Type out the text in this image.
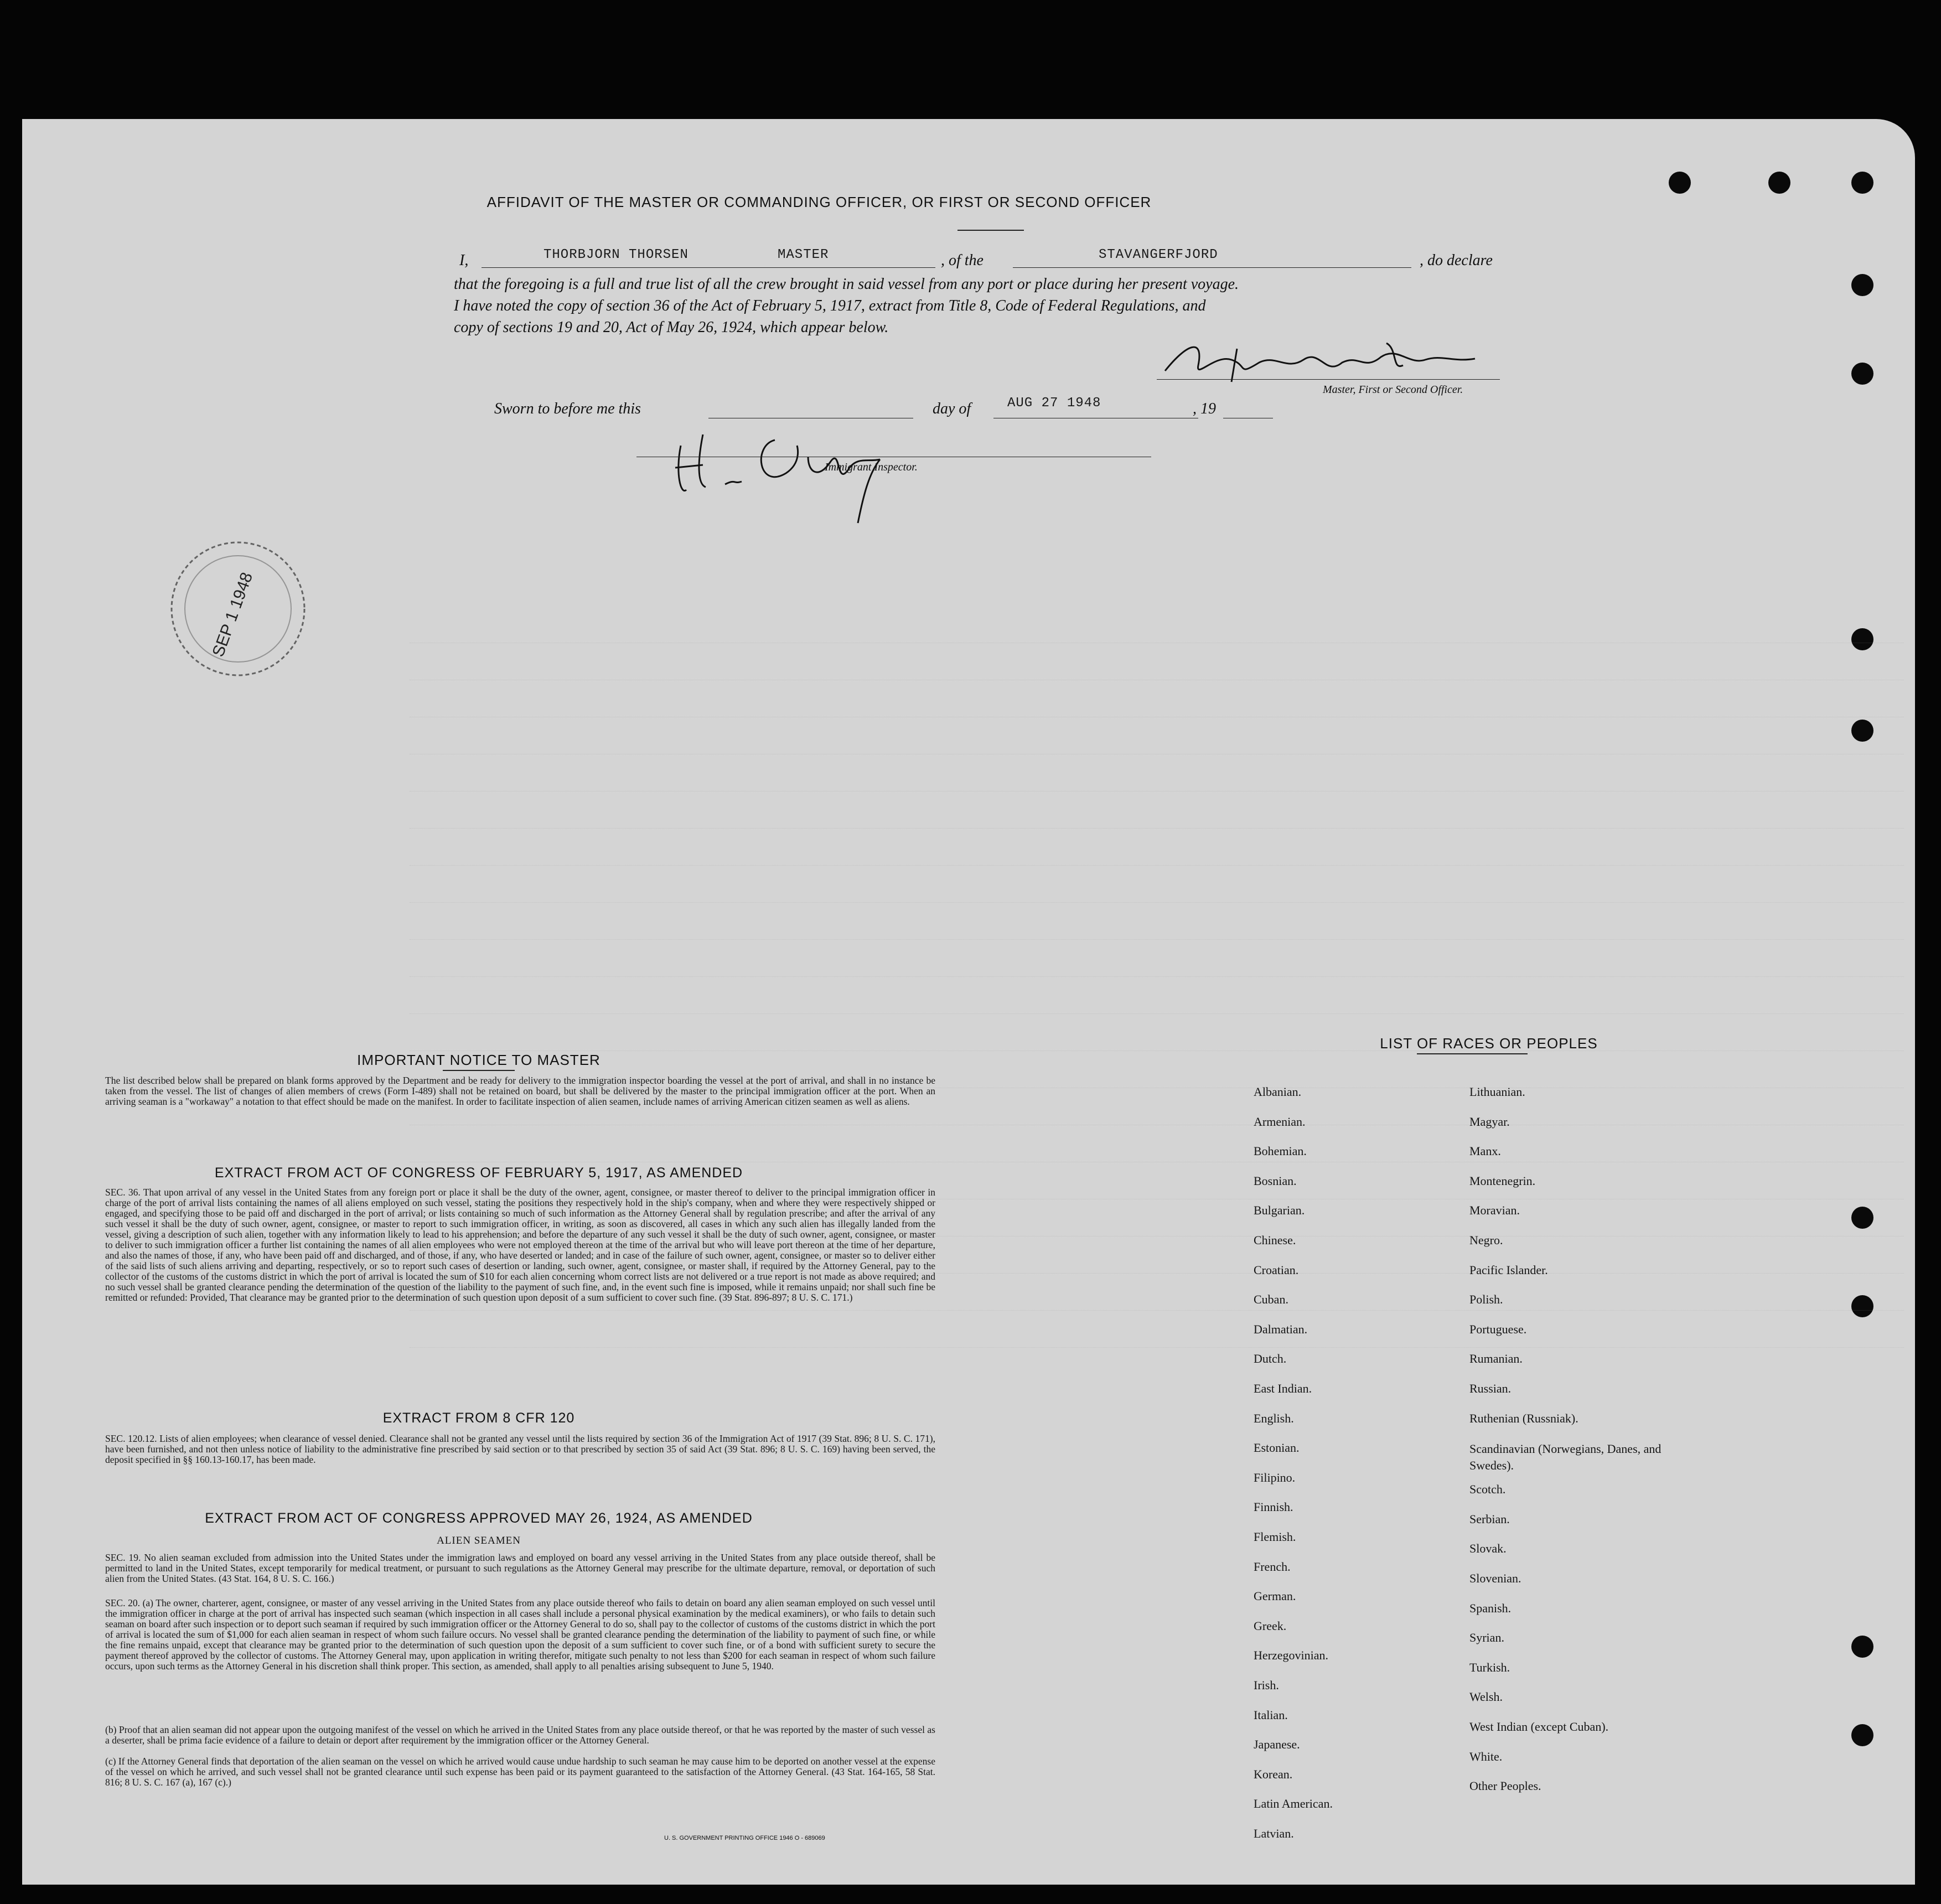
AFFIDAVIT OF THE MASTER OR COMMANDING OFFICER, OR FIRST OR SECOND OFFICER
I,	THORBJORN THORSEN	MASTER	, of the	STAVANGERFJORD	, do declare
that the foregoing is a full and true list of all the crew brought in said vessel from any port or place during her present voyage.
I have noted the copy of section 36 of the Act of February 5, 1917, extract from Title 8, Code of Federal Regulations, and
copy of sections 19 and 20, Act of May 26, 1924, which appear below.
Master, First or Second Officer.
Sworn to before me this	day of	AUG 27 1948	, 19
Immigrant Inspector.
SEP 1 1948
IMPORTANT NOTICE TO MASTER
The list described below shall be prepared on blank forms approved by the Department and be ready for delivery to the immigration inspector boarding the vessel at the port of arrival, and shall in no instance be taken from the vessel. The list of changes of alien members of crews (Form I-489) shall not be retained on board, but shall be delivered by the master to the principal immigration officer at the port. When an arriving seaman is a "workaway" a notation to that effect should be made on the manifest. In order to facilitate inspection of alien seamen, include names of arriving American citizen seamen as well as aliens.
EXTRACT FROM ACT OF CONGRESS OF FEBRUARY 5, 1917, AS AMENDED
SEC. 36. That upon arrival of any vessel in the United States from any foreign port or place it shall be the duty of the owner, agent, consignee, or master thereof to deliver to the principal immigration officer in charge of the port of arrival lists containing the names of all aliens employed on such vessel, stating the positions they respectively hold in the ship's company, when and where they were respectively shipped or engaged, and specifying those to be paid off and discharged in the port of arrival; or lists containing so much of such information as the Attorney General shall by regulation prescribe; and after the arrival of any such vessel it shall be the duty of such owner, agent, consignee, or master to report to such immigration officer, in writing, as soon as discovered, all cases in which any such alien has illegally landed from the vessel, giving a description of such alien, together with any information likely to lead to his apprehension; and before the departure of any such vessel it shall be the duty of such owner, agent, consignee, or master to deliver to such immigration officer a further list containing the names of all alien employees who were not employed thereon at the time of the arrival but who will leave port thereon at the time of her departure, and also the names of those, if any, who have been paid off and discharged, and of those, if any, who have deserted or landed; and in case of the failure of such owner, agent, consignee, or master so to deliver either of the said lists of such aliens arriving and departing, respectively, or so to report such cases of desertion or landing, such owner, agent, consignee, or master shall, if required by the Attorney General, pay to the collector of the customs of the customs district in which the port of arrival is located the sum of $10 for each alien concerning whom correct lists are not delivered or a true report is not made as above required; and no such vessel shall be granted clearance pending the determination of the question of the liability to the payment of such fine, and, in the event such fine is imposed, while it remains unpaid; nor shall such fine be remitted or refunded: Provided, That clearance may be granted prior to the determination of such question upon deposit of a sum sufficient to cover such fine. (39 Stat. 896-897; 8 U. S. C. 171.)
EXTRACT FROM 8 CFR 120
SEC. 120.12. Lists of alien employees; when clearance of vessel denied. Clearance shall not be granted any vessel until the lists required by section 36 of the Immigration Act of 1917 (39 Stat. 896; 8 U. S. C. 171), have been furnished, and not then unless notice of liability to the administrative fine prescribed by said section or to that prescribed by section 35 of said Act (39 Stat. 896; 8 U. S. C. 169) having been served, the deposit specified in §§ 160.13-160.17, has been made.
EXTRACT FROM ACT OF CONGRESS APPROVED MAY 26, 1924, AS AMENDED
ALIEN SEAMEN
SEC. 19. No alien seaman excluded from admission into the United States under the immigration laws and employed on board any vessel arriving in the United States from any place outside thereof, shall be permitted to land in the United States, except temporarily for medical treatment, or pursuant to such regulations as the Attorney General may prescribe for the ultimate departure, removal, or deportation of such alien from the United States. (43 Stat. 164, 8 U. S. C. 166.)
SEC. 20. (a) The owner, charterer, agent, consignee, or master of any vessel arriving in the United States from any place outside thereof who fails to detain on board any alien seaman employed on such vessel until the immigration officer in charge at the port of arrival has inspected such seaman (which inspection in all cases shall include a personal physical examination by the medical examiners), or who fails to detain such seaman on board after such inspection or to deport such seaman if required by such immigration officer or the Attorney General to do so, shall pay to the collector of customs of the customs district in which the port of arrival is located the sum of $1,000 for each alien seaman in respect of whom such failure occurs. No vessel shall be granted clearance pending the determination of the liability to payment of such fine, or while the fine remains unpaid, except that clearance may be granted prior to the determination of such question upon the deposit of a sum sufficient to cover such fine, or of a bond with sufficient surety to secure the payment thereof approved by the collector of customs. The Attorney General may, upon application in writing therefor, mitigate such penalty to not less than $200 for each seaman in respect of whom such failure occurs, upon such terms as the Attorney General in his discretion shall think proper. This section, as amended, shall apply to all penalties arising subsequent to June 5, 1940.
(b) Proof that an alien seaman did not appear upon the outgoing manifest of the vessel on which he arrived in the United States from any place outside thereof, or that he was reported by the master of such vessel as a deserter, shall be prima facie evidence of a failure to detain or deport after requirement by the immigration officer or the Attorney General.
(c) If the Attorney General finds that deportation of the alien seaman on the vessel on which he arrived would cause undue hardship to such seaman he may cause him to be deported on another vessel at the expense of the vessel on which he arrived, and such vessel shall not be granted clearance until such expense has been paid or its payment guaranteed to the satisfaction of the Attorney General. (43 Stat. 164-165, 58 Stat. 816; 8 U. S. C. 167 (a), 167 (c).)
U. S. GOVERNMENT PRINTING OFFICE 1946 O - 689069
LIST OF RACES OR PEOPLES
Albanian.
Armenian.
Bohemian.
Bosnian.
Bulgarian.
Chinese.
Croatian.
Cuban.
Dalmatian.
Dutch.
East Indian.
English.
Estonian.
Filipino.
Finnish.
Flemish.
French.
German.
Greek.
Herzegovinian.
Irish.
Italian.
Japanese.
Korean.
Latin American.
Latvian.
Lithuanian.
Magyar.
Manx.
Montenegrin.
Moravian.
Negro.
Pacific Islander.
Polish.
Portuguese.
Rumanian.
Russian.
Ruthenian (Russniak).
Scandinavian (Norwegians, Danes, and Swedes).
Scotch.
Serbian.
Slovak.
Slovenian.
Spanish.
Syrian.
Turkish.
Welsh.
West Indian (except Cuban).
White.
Other Peoples.
